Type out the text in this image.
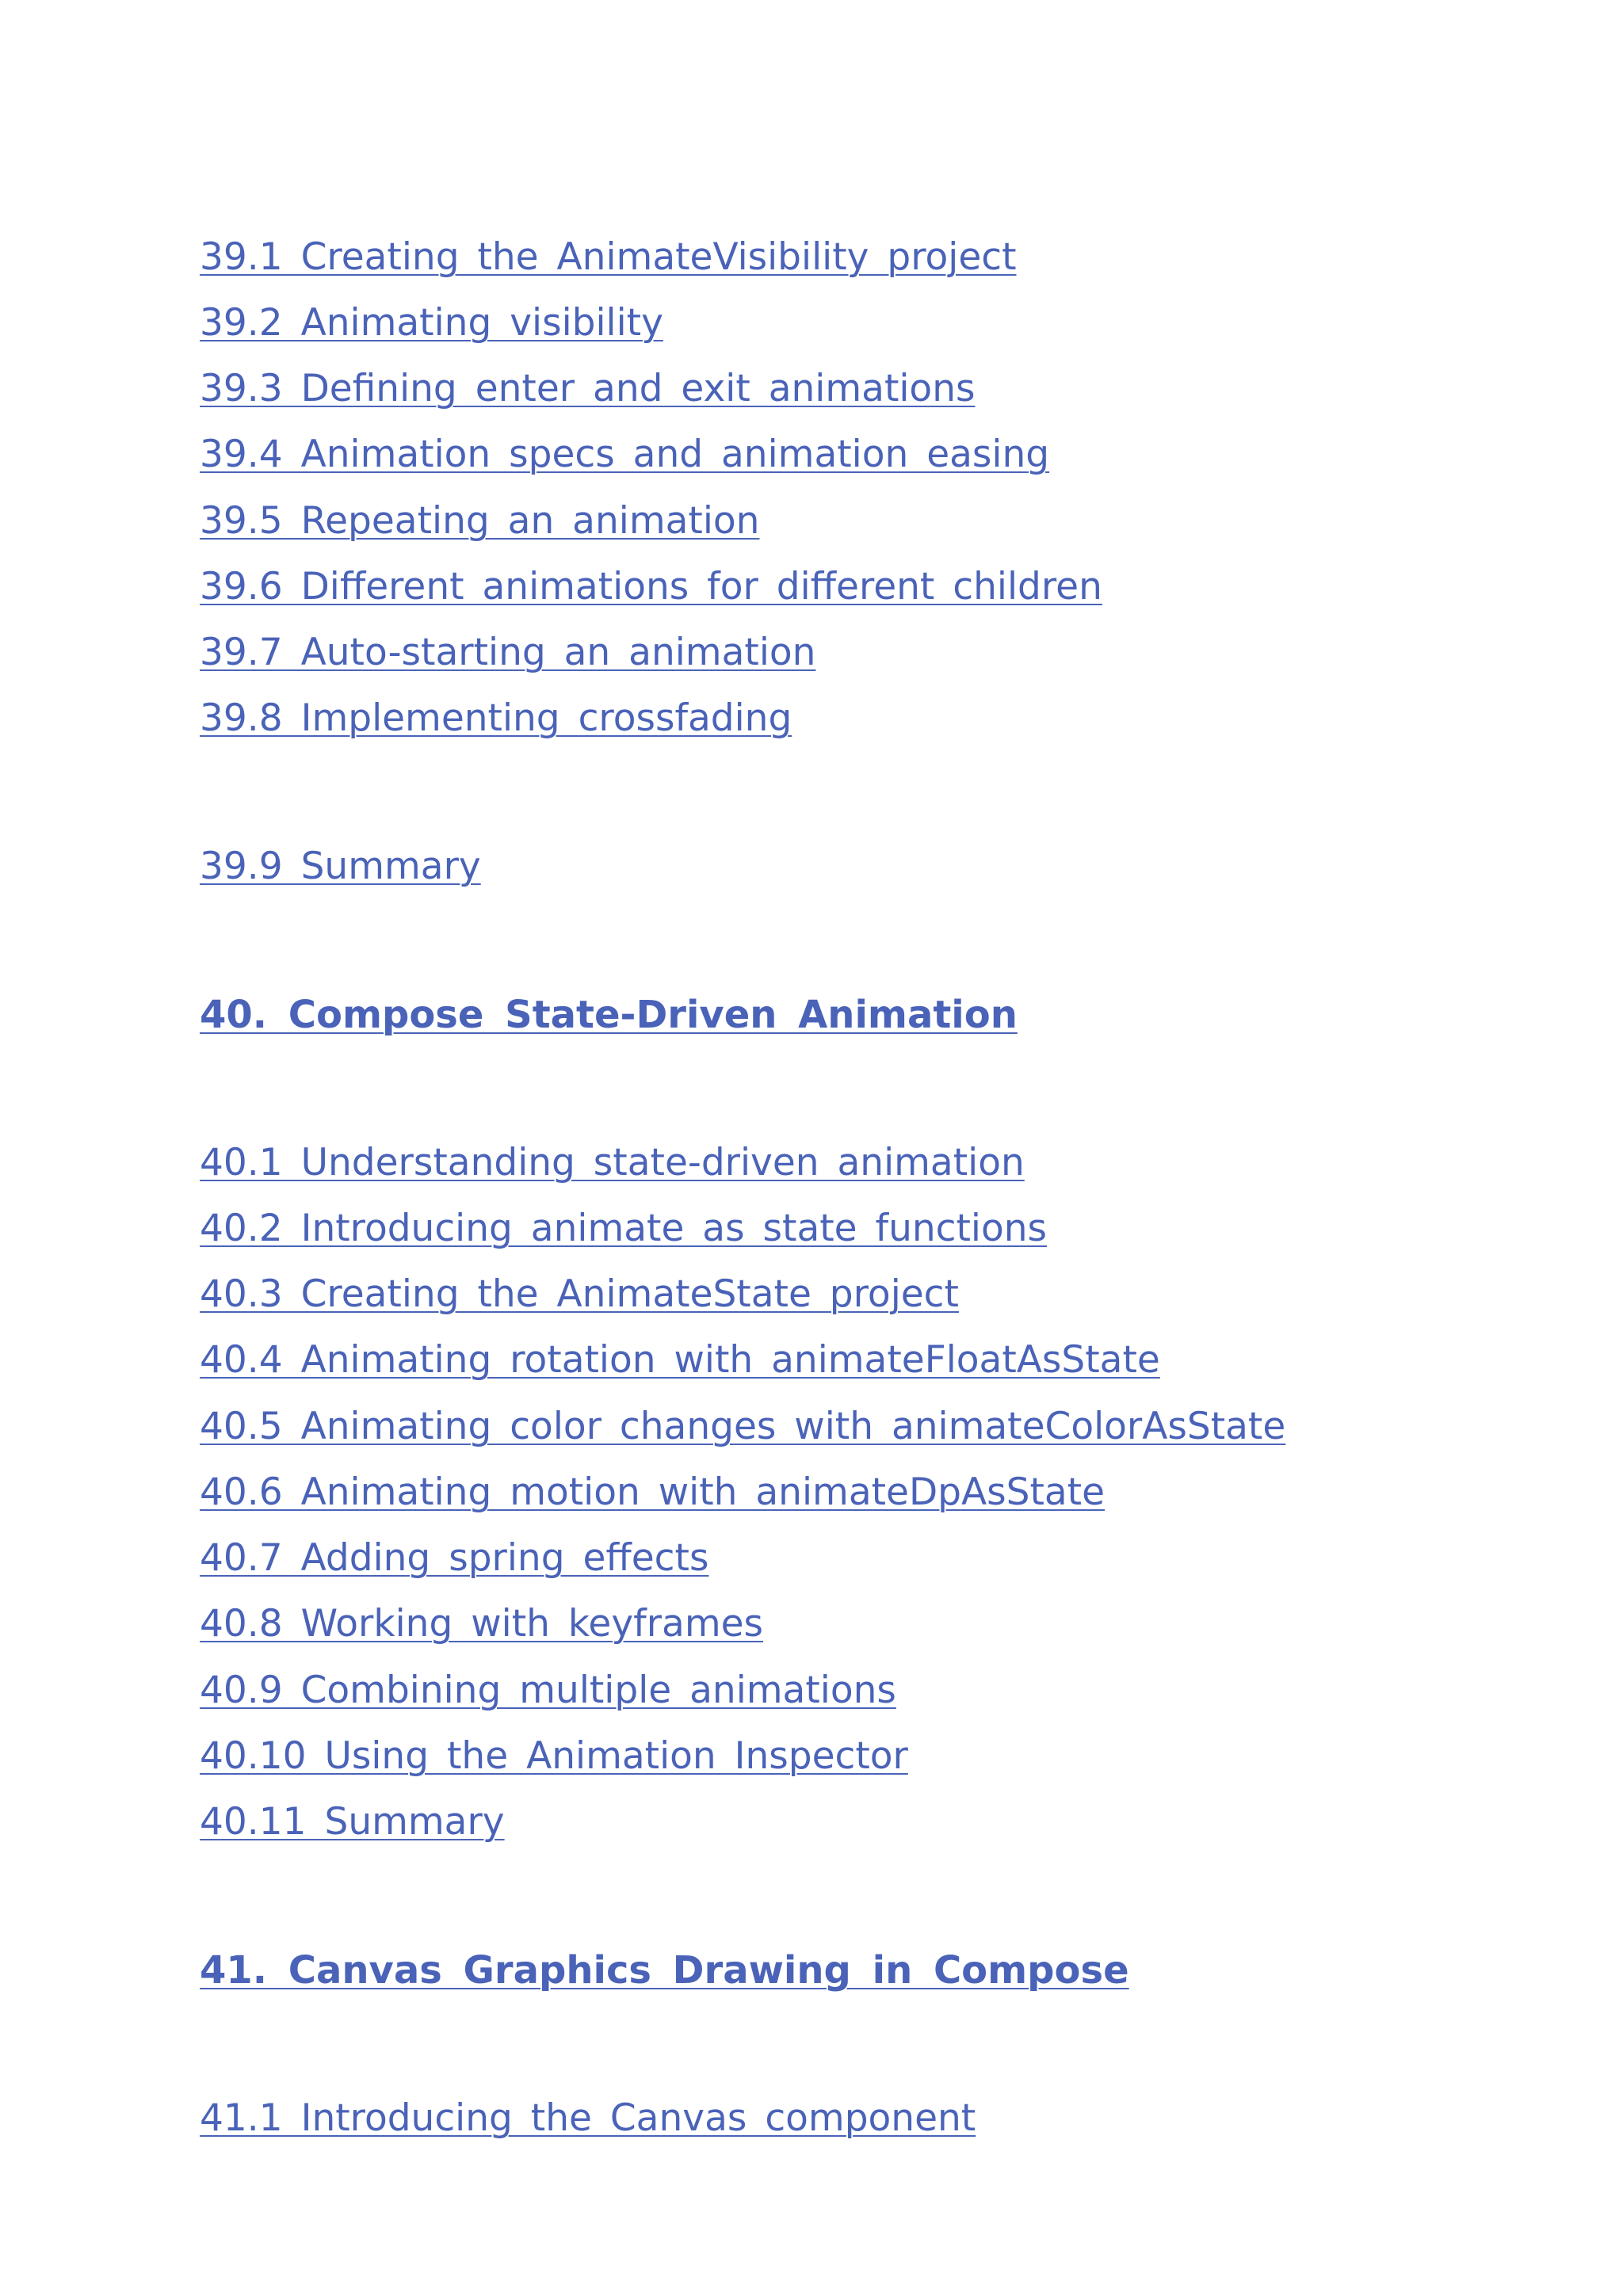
39.1 Creating the AnimateVisibility project
39.2 Animating visibility
39.3 Defining enter and exit animations
39.4 Animation specs and animation easing
39.5 Repeating an animation
39.6 Different animations for different children
39.7 Auto-starting an animation
39.8 Implementing crossfading
39.9 Summary
40. Compose State-Driven Animation
40.1 Understanding state-driven animation
40.2 Introducing animate as state functions
40.3 Creating the AnimateState project
40.4 Animating rotation with animateFloatAsState
40.5 Animating color changes with animateColorAsState
40.6 Animating motion with animateDpAsState
40.7 Adding spring effects
40.8 Working with keyframes
40.9 Combining multiple animations
40.10 Using the Animation Inspector
40.11 Summary
41. Canvas Graphics Drawing in Compose
41.1 Introducing the Canvas component
